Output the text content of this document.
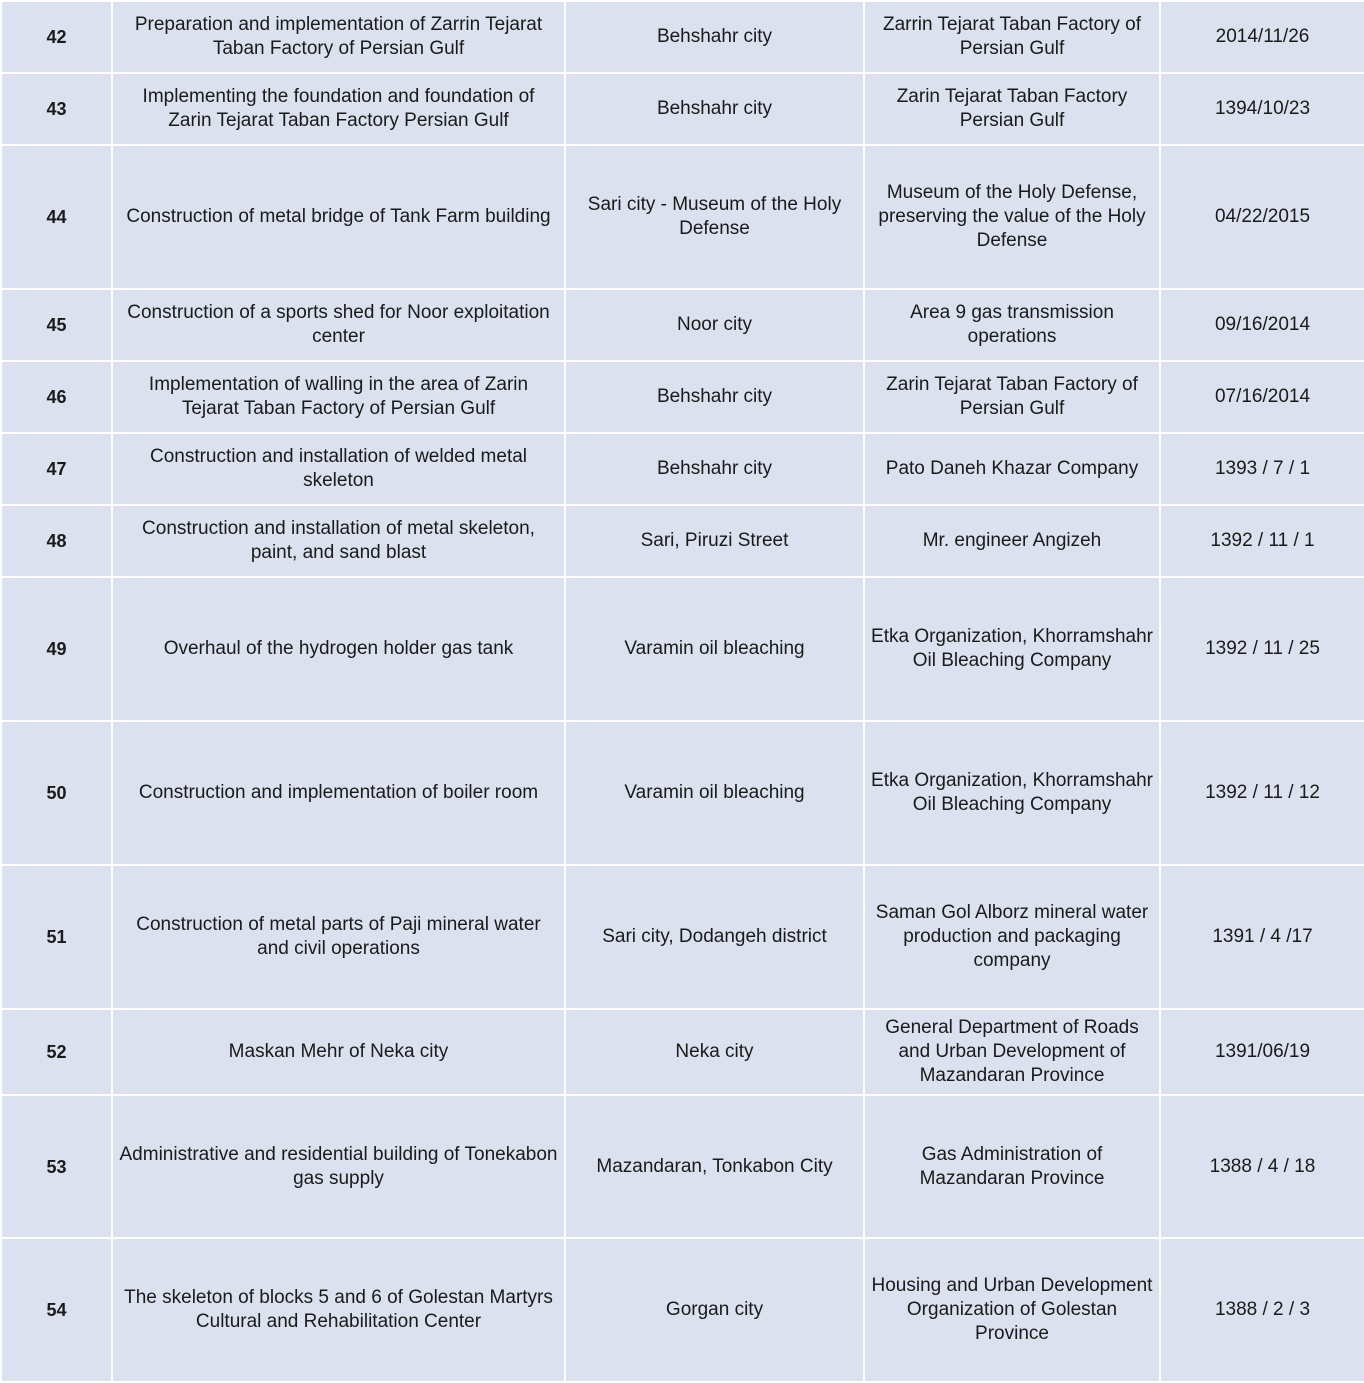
42	Preparation and implementation of Zarrin Tejarat Taban Factory of Persian Gulf	Behshahr city	Zarrin Tejarat Taban Factory of Persian Gulf	2014/11/26
43	Implementing the foundation and foundation of Zarin Tejarat Taban Factory Persian Gulf	Behshahr city	Zarin Tejarat Taban Factory Persian Gulf	1394/10/23
44	Construction of metal bridge of Tank Farm building	Sari city - Museum of the Holy Defense	Museum of the Holy Defense, preserving the value of the Holy Defense	04/22/2015
45	Construction of a sports shed for Noor exploitation center	Noor city	Area 9 gas transmission operations	09/16/2014
46	Implementation of walling in the area of Zarin Tejarat Taban Factory of Persian Gulf	Behshahr city	Zarin Tejarat Taban Factory of Persian Gulf	07/16/2014
47	Construction and installation of welded metal skeleton	Behshahr city	Pato Daneh Khazar Company	1393 / 7 / 1
48	Construction and installation of metal skeleton, paint, and sand blast	Sari, Piruzi Street	Mr. engineer Angizeh	1392 / 11 / 1
49	Overhaul of the hydrogen holder gas tank	Varamin oil bleaching	Etka Organization, Khorramshahr Oil Bleaching Company	1392 / 11 / 25
50	Construction and implementation of boiler room	Varamin oil bleaching	Etka Organization, Khorramshahr Oil Bleaching Company	1392 / 11 / 12
51	Construction of metal parts of Paji mineral water and civil operations	Sari city, Dodangeh district	Saman Gol Alborz mineral water production and packaging company	1391 / 4 /17
52	Maskan Mehr of Neka city	Neka city	General Department of Roads and Urban Development of Mazandaran Province	1391/06/19
53	Administrative and residential building of Tonekabon gas supply	Mazandaran, Tonkabon City	Gas Administration of Mazandaran Province	1388 / 4 / 18
54	The skeleton of blocks 5 and 6 of Golestan Martyrs Cultural and Rehabilitation Center	Gorgan city	Housing and Urban Development Organization of Golestan Province	1388 / 2 / 3
